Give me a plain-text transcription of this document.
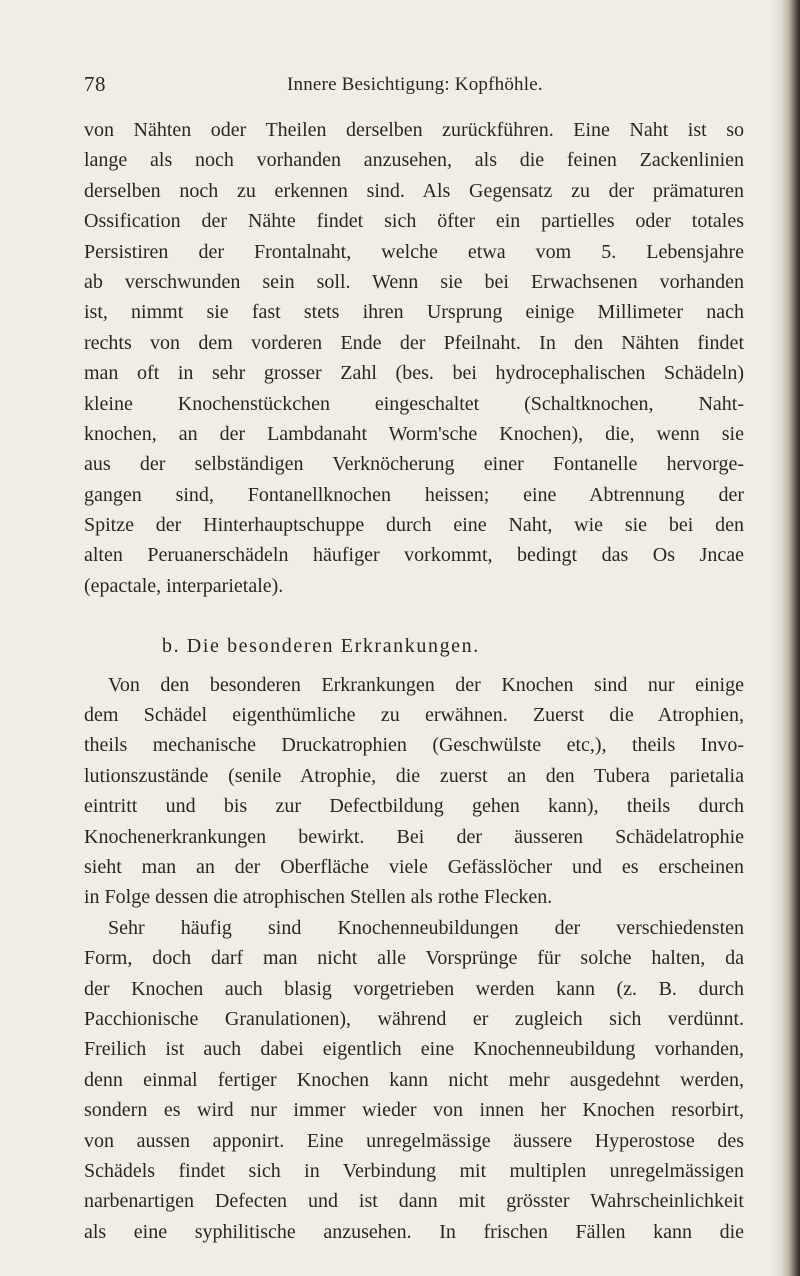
78	Innere Besichtigung: Kopfhöhle.
von Nähten oder Theilen derselben zurückführen. Eine Naht ist so
lange als noch vorhanden anzusehen, als die feinen Zackenlinien
derselben noch zu erkennen sind. Als Gegensatz zu der prämaturen
Ossification der Nähte findet sich öfter ein partielles oder totales
Persistiren der Frontalnaht, welche etwa vom 5. Lebensjahre
ab verschwunden sein soll. Wenn sie bei Erwachsenen vorhanden
ist, nimmt sie fast stets ihren Ursprung einige Millimeter nach
rechts von dem vorderen Ende der Pfeilnaht. In den Nähten findet
man oft in sehr grosser Zahl (bes. bei hydrocephalischen Schädeln)
kleine Knochenstückchen eingeschaltet (Schaltknochen, Naht-
knochen, an der Lambdanaht Worm'sche Knochen), die, wenn sie
aus der selbständigen Verknöcherung einer Fontanelle hervorge-
gangen sind, Fontanellknochen heissen; eine Abtrennung der
Spitze der Hinterhauptschuppe durch eine Naht, wie sie bei den
alten Peruanerschädeln häufiger vorkommt, bedingt das Os Jncae
(epactale, interparietale).
b. Die besonderen Erkrankungen.
Von den besonderen Erkrankungen der Knochen sind nur einige
dem Schädel eigenthümliche zu erwähnen. Zuerst die Atrophien,
theils mechanische Druckatrophien (Geschwülste etc,), theils Invo-
lutionszustände (senile Atrophie, die zuerst an den Tubera parietalia
eintritt und bis zur Defectbildung gehen kann), theils durch
Knochenerkrankungen bewirkt. Bei der äusseren Schädelatrophie
sieht man an der Oberfläche viele Gefässlöcher und es erscheinen
in Folge dessen die atrophischen Stellen als rothe Flecken.
Sehr häufig sind Knochenneubildungen der verschiedensten
Form, doch darf man nicht alle Vorsprünge für solche halten, da
der Knochen auch blasig vorgetrieben werden kann (z. B. durch
Pacchionische Granulationen), während er zugleich sich verdünnt.
Freilich ist auch dabei eigentlich eine Knochenneubildung vorhanden,
denn einmal fertiger Knochen kann nicht mehr ausgedehnt werden,
sondern es wird nur immer wieder von innen her Knochen resorbirt,
von aussen apponirt. Eine unregelmässige äussere Hyperostose des
Schädels findet sich in Verbindung mit multiplen unregelmässigen
narbenartigen Defecten und ist dann mit grösster Wahrscheinlichkeit
als eine syphilitische anzusehen. In frischen Fällen kann die
